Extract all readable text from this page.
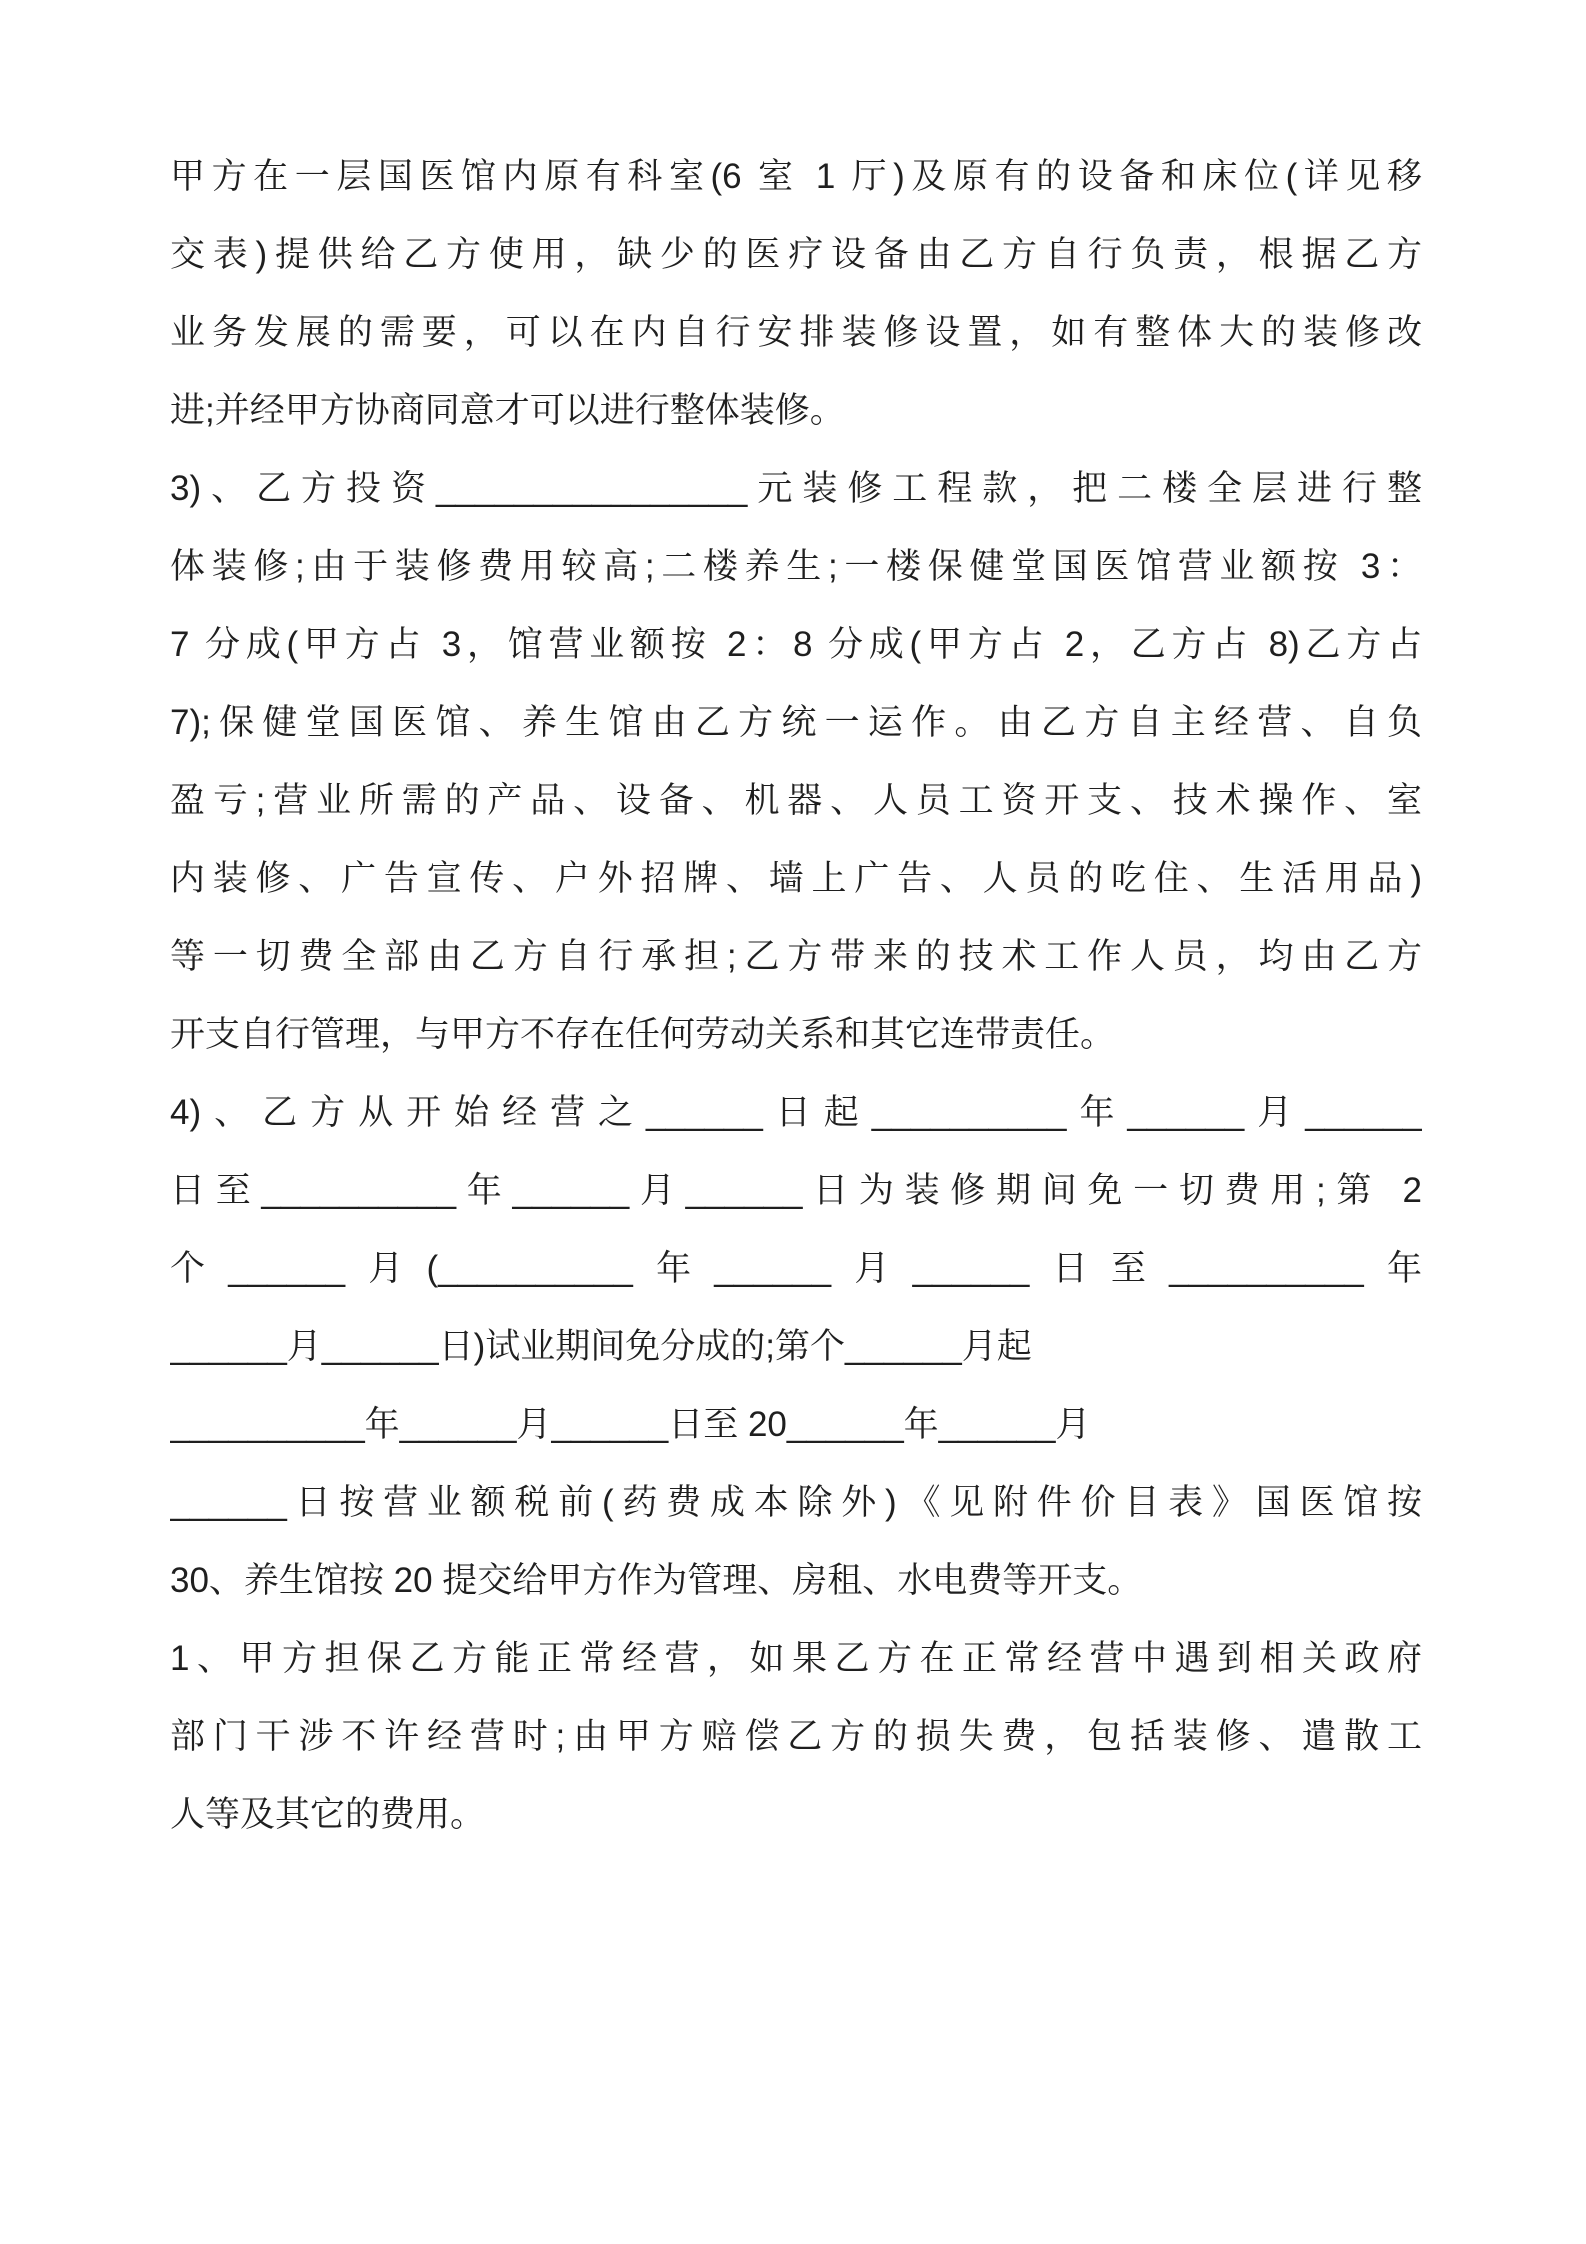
甲方在一层国医馆内原有科室(6 室 1 厅)及原有的设备和床位(详见移
交表)提供给乙方使用，缺少的医疗设备由乙方自行负责，根据乙方
业务发展的需要，可以在内自行安排装修设置，如有整体大的装修改
进;并经甲方协商同意才可以进行整体装修。
3)、乙方投资________________元装修工程款，把二楼全层进行整
体装修;由于装修费用较高;二楼养生;一楼保健堂国医馆营业额按 3：
7 分成(甲方占 3，馆营业额按 2：8 分成(甲方占 2，乙方占 8)乙方占
7);保健堂国医馆、养生馆由乙方统一运作。由乙方自主经营、自负
盈亏;营业所需的产品、设备、机器、人员工资开支、技术操作、室
内装修、广告宣传、户外招牌、墙上广告、人员的吃住、生活用品)
等一切费全部由乙方自行承担;乙方带来的技术工作人员，均由乙方
开支自行管理，与甲方不存在任何劳动关系和其它连带责任。
4)、乙方从开始经营之______日起__________年______月______
日至__________年______月______日为装修期间免一切费用;第 2
个______月(__________年______月______日至__________年
______月______日)试业期间免分成的;第个______月起
__________年______月______日至 20______年______月
______日按营业额税前(药费成本除外)《见附件价目表》国医馆按
30、养生馆按 20 提交给甲方作为管理、房租、水电费等开支。
1、甲方担保乙方能正常经营，如果乙方在正常经营中遇到相关政府
部门干涉不许经营时;由甲方赔偿乙方的损失费，包括装修、遣散工
人等及其它的费用。
